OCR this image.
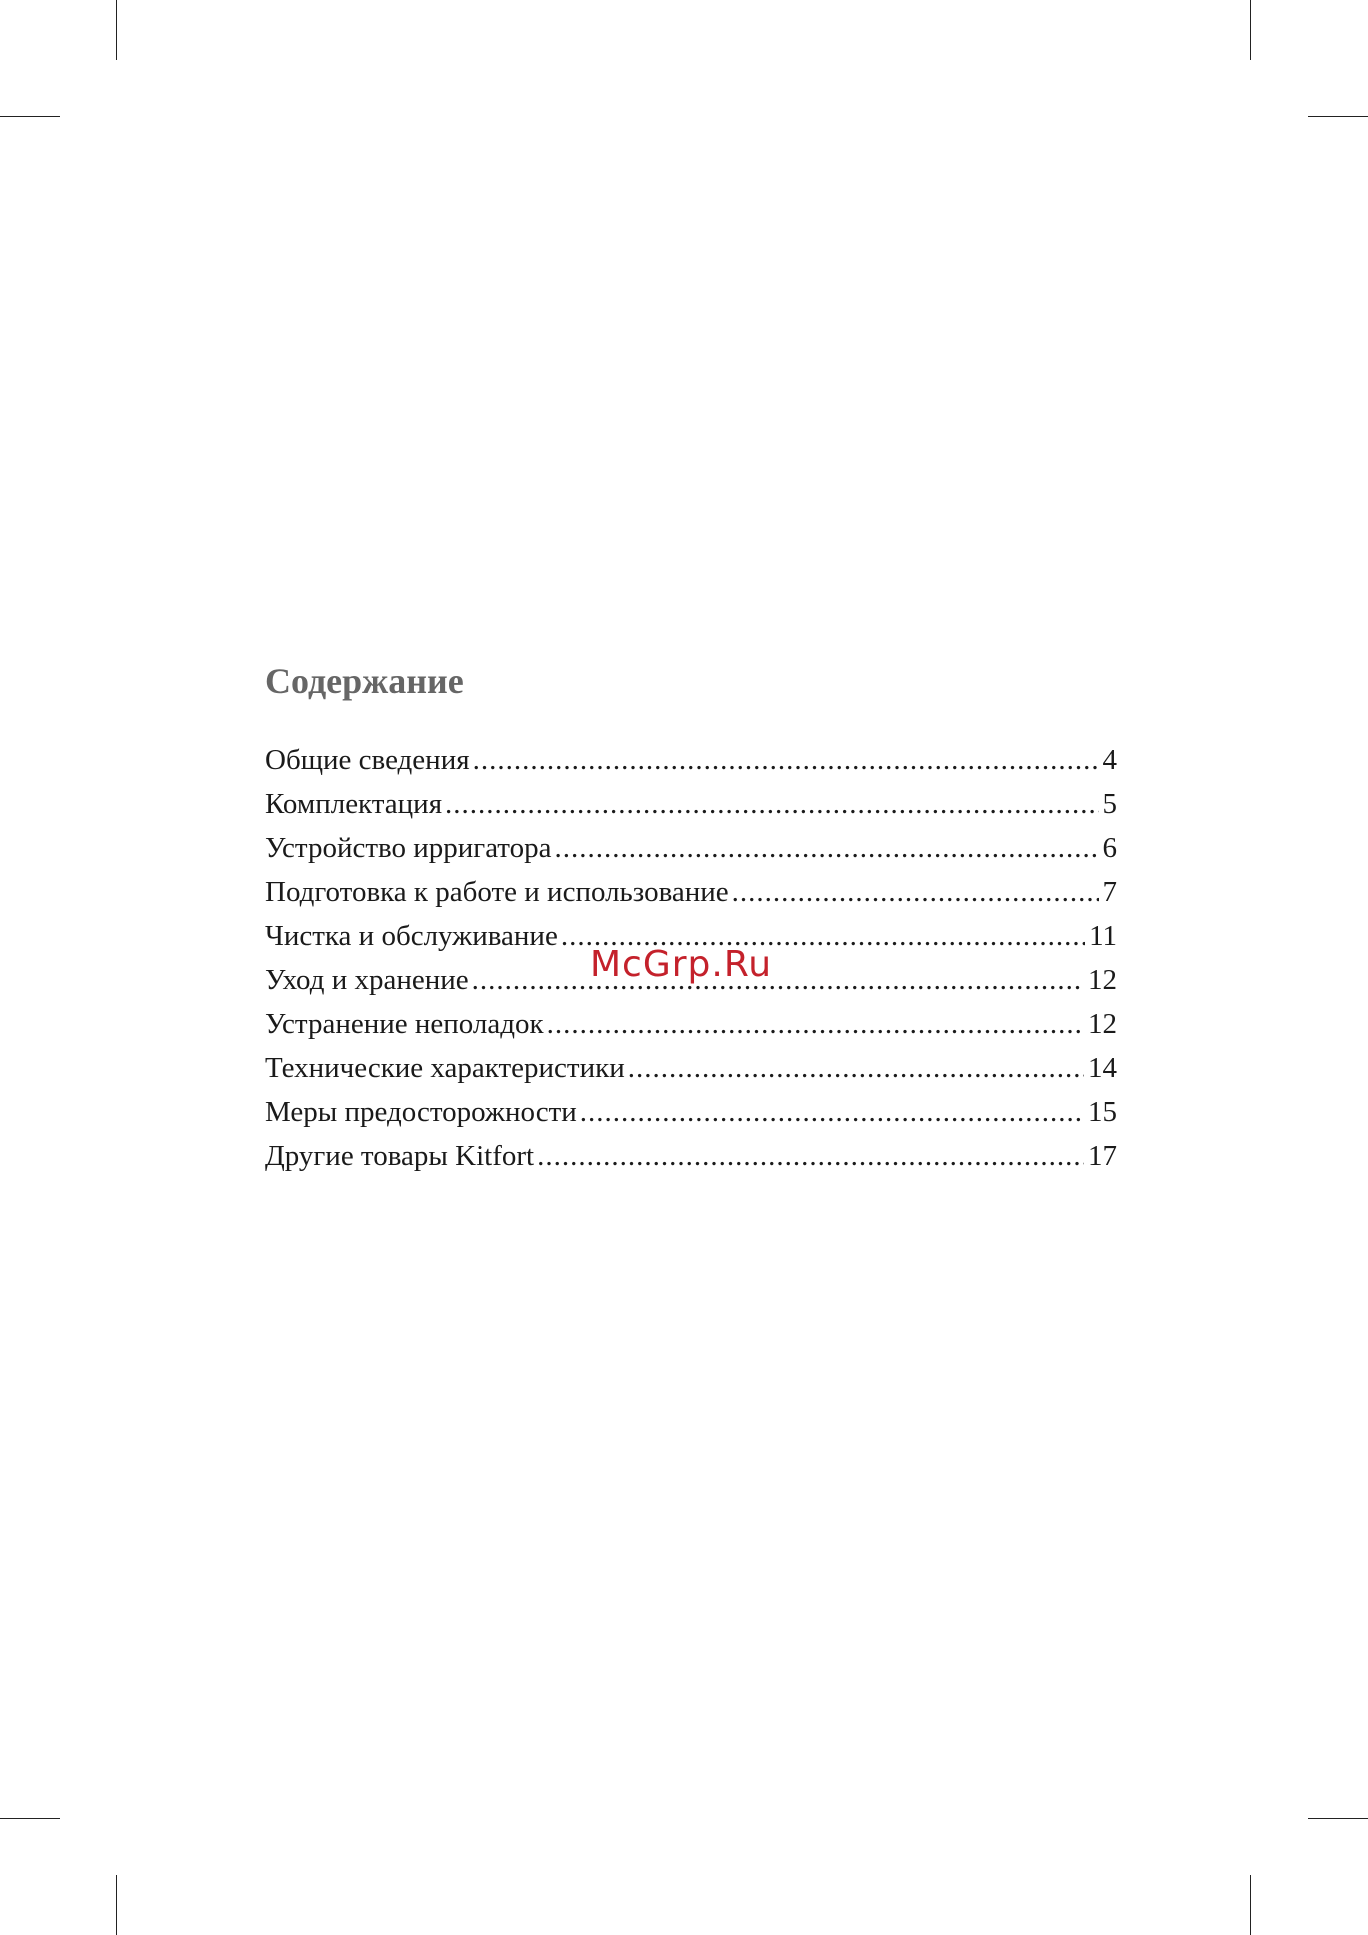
Содержание
Общие сведения .....	4
Комплектация .....	5
Устройство ирригатора .....	6
Подготовка к работе и использование .....	7
Чистка и обслуживание .....	11
Уход и хранение .....	12
Устранение неполадок .....	12
Технические характеристики .....	14
Меры предосторожности .....	15
Другие товары Kitfort .....	17
McGrp.Ru
